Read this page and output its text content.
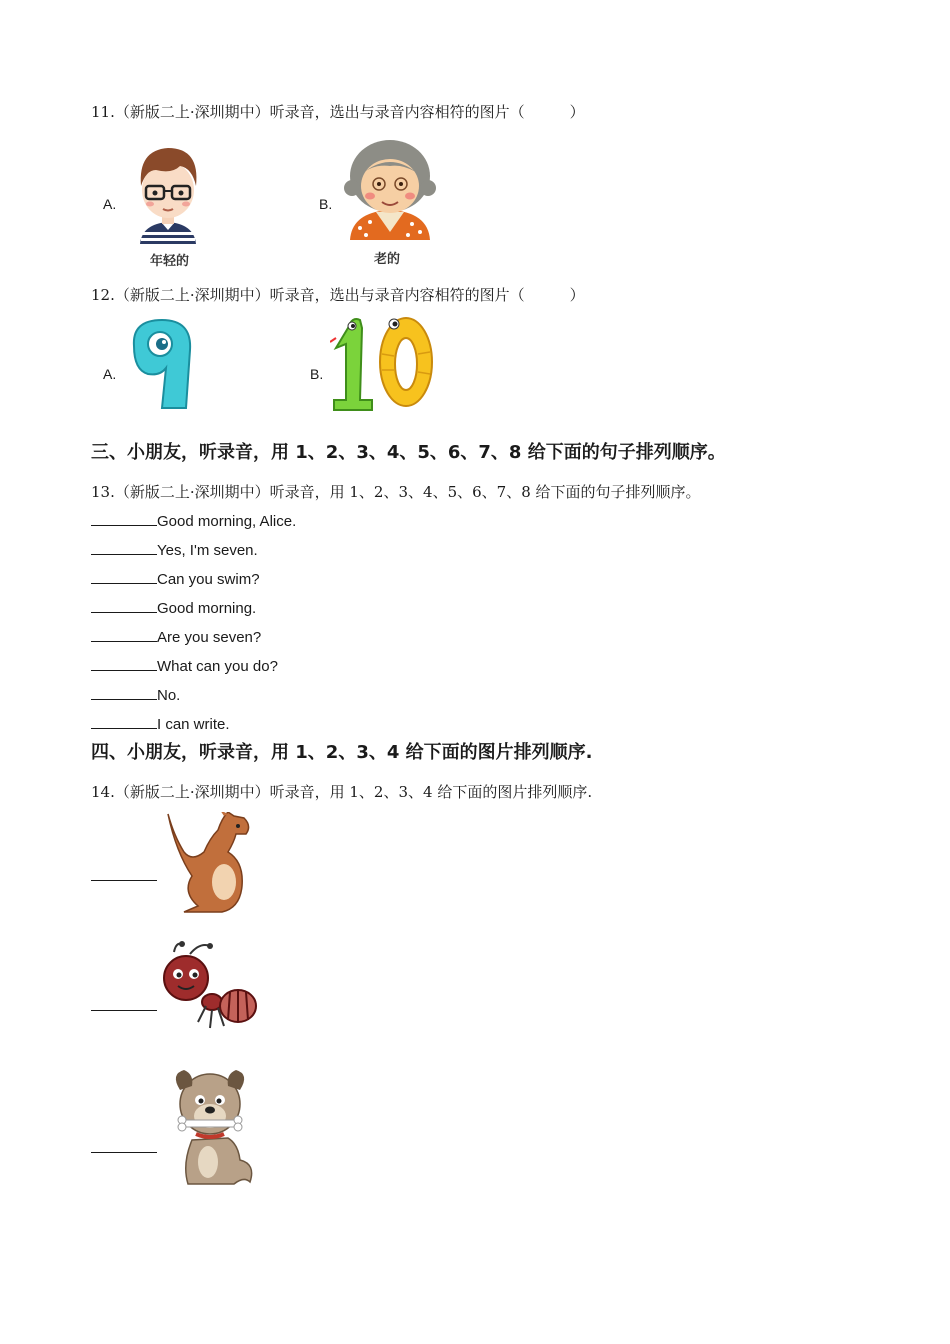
11.（新版二上·深圳期中）听录音，选出与录音内容相符的图片（　　　）
A.
年轻的
B.
老的
12.（新版二上·深圳期中）听录音，选出与录音内容相符的图片（　　　）
A.	B.
三、小朋友，听录音，用 1、2、3、4、5、6、7、8 给下面的句子排列顺序。
13.（新版二上·深圳期中）听录音，用 1、2、3、4、5、6、7、8 给下面的句子排列顺序。
Good morning, Alice.
Yes, I'm seven.
Can you swim?
Good morning.
Are you seven?
What can you do?
No.
I can write.
四、小朋友，听录音，用 1、2、3、4 给下面的图片排列顺序.
14.（新版二上·深圳期中）听录音，用 1、2、3、4 给下面的图片排列顺序.
